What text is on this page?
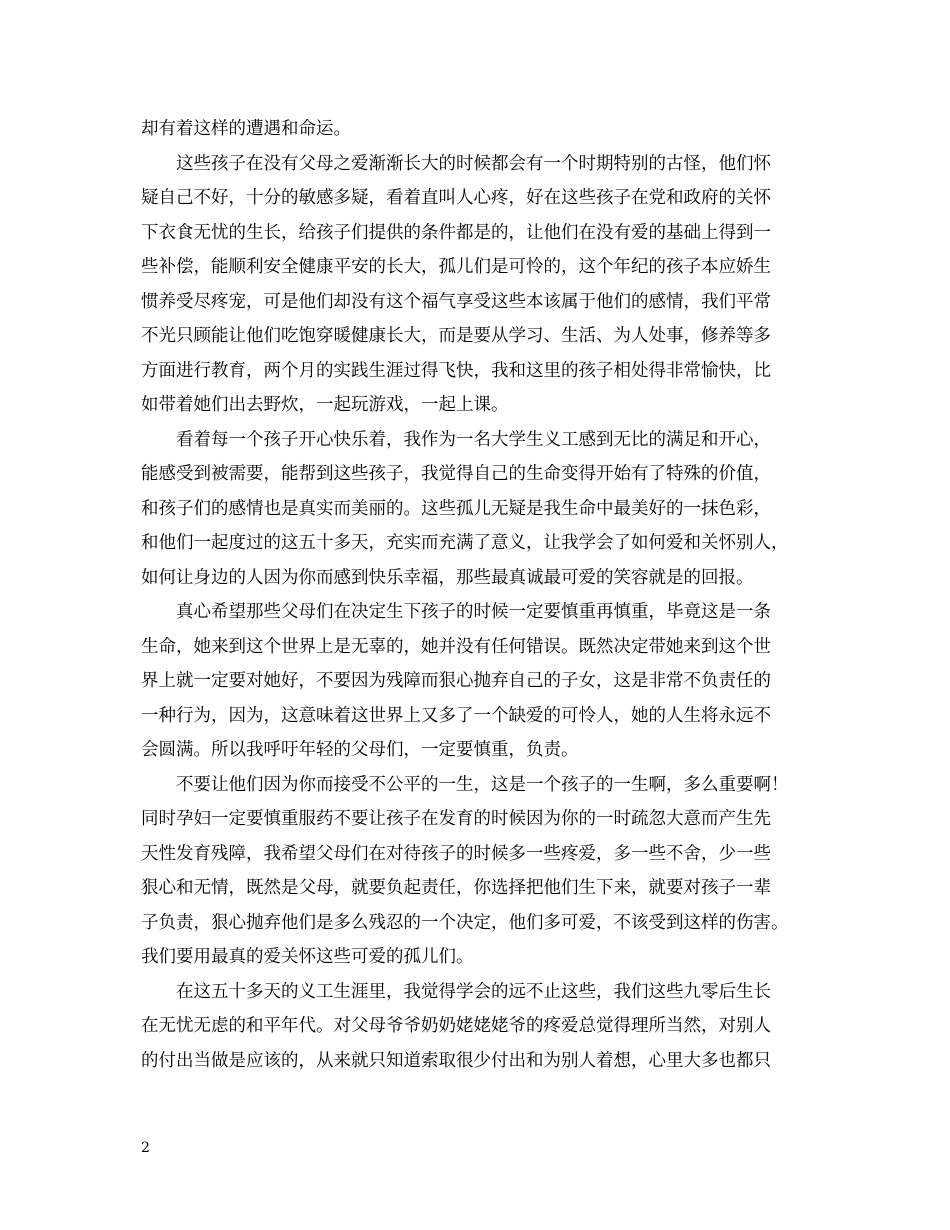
却有着这样的遭遇和命运。
这些孩子在没有父母之爱渐渐长大的时候都会有一个时期特别的古怪，他们怀
疑自己不好，十分的敏感多疑，看着直叫人心疼，好在这些孩子在党和政府的关怀
下衣食无忧的生长，给孩子们提供的条件都是的，让他们在没有爱的基础上得到一
些补偿，能顺利安全健康平安的长大，孤儿们是可怜的，这个年纪的孩子本应娇生
惯养受尽疼宠，可是他们却没有这个福气享受这些本该属于他们的感情，我们平常
不光只顾能让他们吃饱穿暖健康长大，而是要从学习、生活、为人处事，修养等多
方面进行教育，两个月的实践生涯过得飞快，我和这里的孩子相处得非常愉快，比
如带着她们出去野炊，一起玩游戏，一起上课。
看着每一个孩子开心快乐着，我作为一名大学生义工感到无比的满足和开心，
能感受到被需要，能帮到这些孩子，我觉得自己的生命变得开始有了特殊的价值，
和孩子们的感情也是真实而美丽的。这些孤儿无疑是我生命中最美好的一抹色彩，
和他们一起度过的这五十多天，充实而充满了意义，让我学会了如何爱和关怀别人，
如何让身边的人因为你而感到快乐幸福，那些最真诚最可爱的笑容就是的回报。
真心希望那些父母们在决定生下孩子的时候一定要慎重再慎重，毕竟这是一条
生命，她来到这个世界上是无辜的，她并没有任何错误。既然决定带她来到这个世
界上就一定要对她好，不要因为残障而狠心抛弃自己的子女，这是非常不负责任的
一种行为，因为，这意味着这世界上又多了一个缺爱的可怜人，她的人生将永远不
会圆满。所以我呼吁年轻的父母们，一定要慎重，负责。
不要让他们因为你而接受不公平的一生，这是一个孩子的一生啊，多么重要啊！
同时孕妇一定要慎重服药不要让孩子在发育的时候因为你的一时疏忽大意而产生先
天性发育残障，我希望父母们在对待孩子的时候多一些疼爱，多一些不舍，少一些
狠心和无情，既然是父母，就要负起责任，你选择把他们生下来，就要对孩子一辈
子负责，狠心抛弃他们是多么残忍的一个决定，他们多可爱，不该受到这样的伤害。
我们要用最真的爱关怀这些可爱的孤儿们。
在这五十多天的义工生涯里，我觉得学会的远不止这些，我们这些九零后生长
在无忧无虑的和平年代。对父母爷爷奶奶姥姥姥爷的疼爱总觉得理所当然，对别人
的付出当做是应该的，从来就只知道索取很少付出和为别人着想，心里大多也都只
2
